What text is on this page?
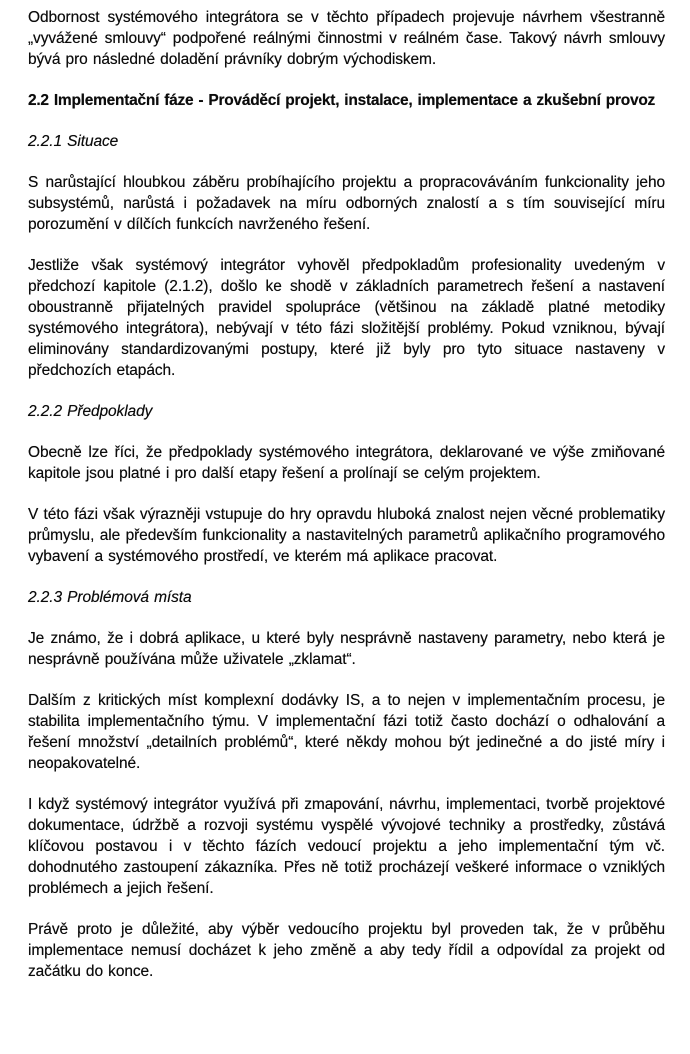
Odbornost systémového integrátora se v těchto případech projevuje návrhem všestranně „vyvážené smlouvy“ podpořené reálnými činnostmi v reálném čase. Takový návrh smlouvy bývá pro následné doladění právníky dobrým východiskem.
2.2 Implementační fáze - Prováděcí projekt, instalace, implementace a zkušební provoz
2.2.1 Situace
S narůstající hloubkou záběru probíhajícího projektu a propracováváním funkcionality jeho subsystémů, narůstá i požadavek na míru odborných znalostí a s tím související míru porozumění v dílčích funkcích navrženého řešení.
Jestliže však systémový integrátor vyhověl předpokladům profesionality uvedeným v předchozí kapitole (2.1.2), došlo ke shodě v základních parametrech řešení a nastavení oboustranně přijatelných pravidel spolupráce (většinou na základě platné metodiky systémového integrátora), nebývají v této fázi složitější problémy. Pokud vzniknou, bývají eliminovány standardizovanými postupy, které již byly pro tyto situace nastaveny v předchozích etapách.
2.2.2 Předpoklady
Obecně lze říci, že předpoklady systémového integrátora, deklarované ve výše zmiňované kapitole jsou platné i pro další etapy řešení a prolínají se celým projektem.
V této fázi však výrazněji vstupuje do hry opravdu hluboká znalost nejen věcné problematiky průmyslu, ale především funkcionality a nastavitelných parametrů aplikačního programového vybavení a systémového prostředí, ve kterém má aplikace pracovat.
2.2.3 Problémová místa
Je známo, že i dobrá aplikace, u které byly nesprávně nastaveny parametry, nebo která je nesprávně používána může uživatele „zklamat“.
Dalším z kritických míst komplexní dodávky IS, a to nejen v implementačním procesu, je stabilita implementačního týmu. V implementační fázi totiž často dochází o odhalování a řešení množství „detailních problémů“, které někdy mohou být jedinečné a do jisté míry i neopakovatelné.
I když systémový integrátor využívá při zmapování, návrhu, implementaci, tvorbě projektové dokumentace, údržbě a rozvoji systému vyspělé vývojové techniky a prostředky, zůstává klíčovou postavou i v těchto fázích vedoucí projektu a jeho implementační tým vč. dohodnutého zastoupení zákazníka. Přes ně totiž procházejí veškeré informace o vzniklých problémech a jejich řešení.
Právě proto je důležité, aby výběr vedoucího projektu byl proveden tak, že v průběhu implementace nemusí docházet k jeho změně a aby tedy řídil a odpovídal za projekt od začátku do konce.
